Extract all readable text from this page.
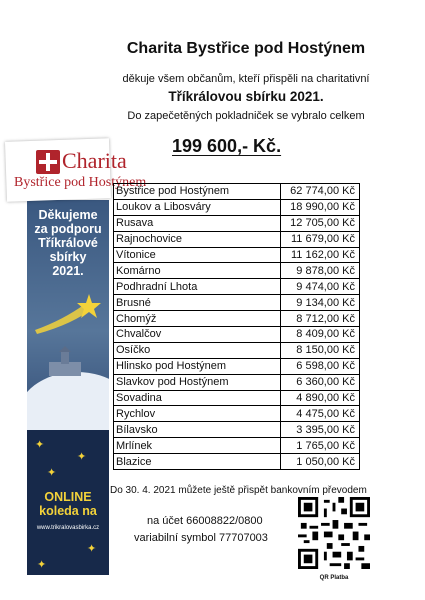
Charita Bystřice pod Hostýnem
děkuje všem občanům, kteří přispěli na charitativní
Tříkrálovou sbírku 2021.
Do zapečetěných pokladniček se vybralo celkem
199 600,- Kč.
Děkujeme
za podporu
Tříkrálové
sbírky
2021.
✦
✦
✦
✦
✦
ONLINE
koleda na
www.trikralovasbirka.cz
Charita
Bystřice pod Hostýnem
Bystřice pod Hostýnem	62 774,00 Kč
Loukov a Libosváry	18 990,00 Kč
Rusava	12 705,00 Kč
Rajnochovice	11 679,00 Kč
Vítonice	11 162,00 Kč
Komárno	9 878,00 Kč
Podhradní Lhota	9 474,00 Kč
Brusné	9 134,00 Kč
Chomýž	8 712,00 Kč
Chvalčov	8 409,00 Kč
Osíčko	8 150,00 Kč
Hlinsko pod Hostýnem	6 598,00 Kč
Slavkov pod Hostýnem	6 360,00 Kč
Sovadina	4 890,00 Kč
Rychlov	4 475,00 Kč
Bílavsko	3 395,00 Kč
Mrlínek	1 765,00 Kč
Blazice	1 050,00 Kč
Do 30. 4. 2021 můžete ještě přispět bankovním převodem
na účet 66008822/0800
variabilní symbol 77707003
QR Platba
